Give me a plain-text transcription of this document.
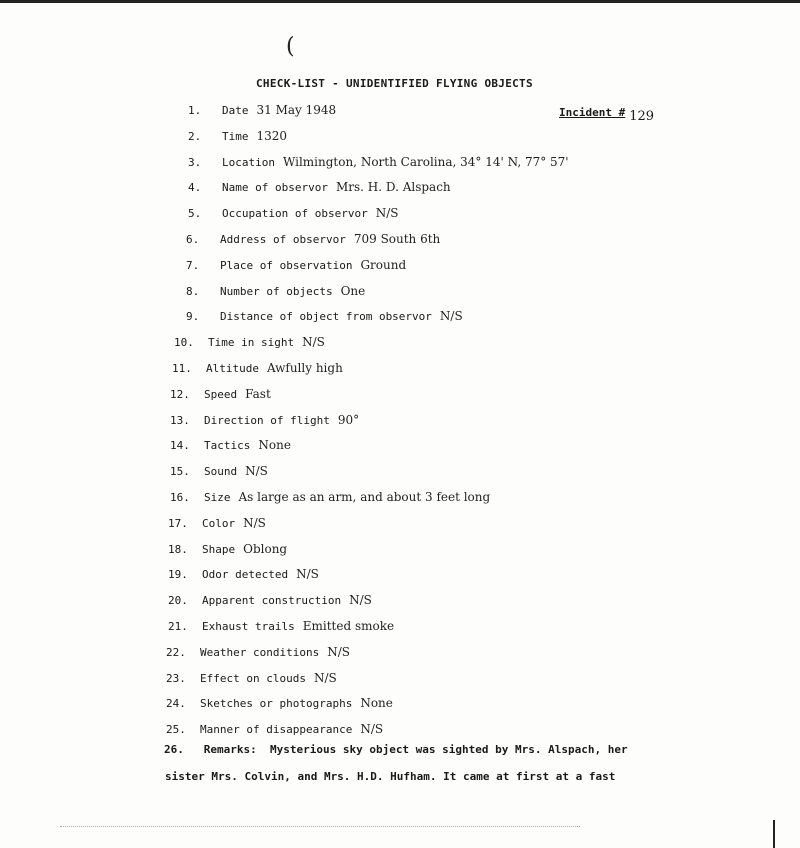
(
CHECK-LIST - UNIDENTIFIED FLYING OBJECTS
Incident # 129
1. Date 31 May 1948
2. Time 1320
3. Location Wilmington, North Carolina, 34° 14' N, 77° 57'
4. Name of observor Mrs. H. D. Alspach
5. Occupation of observor N/S
6. Address of observor 709 South 6th
7. Place of observation Ground
8. Number of objects One
9. Distance of object from observor N/S
10. Time in sight N/S
11. Altitude Awfully high
12. Speed Fast
13. Direction of flight 90°
14. Tactics None
15. Sound N/S
16. Size As large as an arm, and about 3 feet long
17. Color N/S
18. Shape Oblong
19. Odor detected N/S
20. Apparent construction N/S
21. Exhaust trails Emitted smoke
22. Weather conditions N/S
23. Effect on clouds N/S
24. Sketches or photographs None
25. Manner of disappearance N/S
26. Remarks: Mysterious sky object was sighted by Mrs. Alspach, her
sister Mrs. Colvin, and Mrs. H.D. Hufham. It came at first at a fast
